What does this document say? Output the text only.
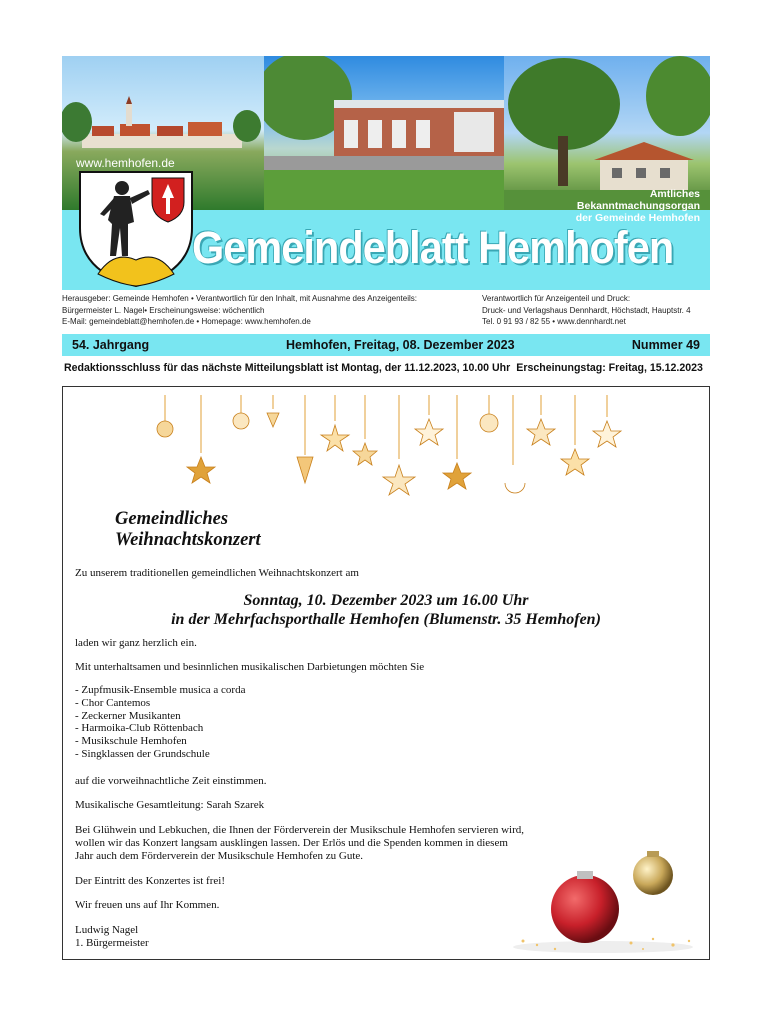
www.hemhofen.de
Amtliches
Bekanntmachungsorgan
der Gemeinde Hemhofen
Gemeindeblatt Hemhofen
Herausgeber: Gemeinde Hemhofen • Verantwortlich für den Inhalt, mit Ausnahme des Anzeigenteils:
Bürgermeister L. Nagel• Erscheinungsweise: wöchentlich
E-Mail: gemeindeblatt@hemhofen.de • Homepage: www.hemhofen.de
Verantwortlich für Anzeigenteil und Druck:
Druck- und Verlagshaus Dennhardt, Höchstadt, Hauptstr. 4
Tel. 0 91 93 / 82 55 • www.dennhardt.net
54. Jahrgang	Hemhofen, Freitag, 08. Dezember 2023	Nummer 49
Redaktionsschluss für das nächste Mitteilungsblatt ist Montag, der 11.12.2023, 10.00 Uhr Erscheinungstag: Freitag, 15.12.2023
Gemeindliches
Weihnachtskonzert
Zu unserem traditionellen gemeindlichen Weihnachtskonzert am
Sonntag, 10. Dezember 2023 um 16.00 Uhr
in der Mehrfachsporthalle Hemhofen (Blumenstr. 35 Hemhofen)
laden wir ganz herzlich ein.
Mit unterhaltsamen und besinnlichen musikalischen Darbietungen möchten Sie
- Zupfmusik-Ensemble musica a corda
- Chor Cantemos
- Zeckerner Musikanten
- Harmoika-Club Röttenbach
- Musikschule Hemhofen
- Singklassen der Grundschule
auf die vorweihnachtliche Zeit einstimmen.
Musikalische Gesamtleitung: Sarah Szarek
Bei Glühwein und Lebkuchen, die Ihnen der Förderverein der Musikschule Hemhofen servieren wird,
wollen wir das Konzert langsam ausklingen lassen. Der Erlös und die Spenden kommen in diesem
Jahr auch dem Förderverein der Musikschule Hemhofen zu Gute.
Der Eintritt des Konzertes ist frei!
Wir freuen uns auf Ihr Kommen.
Ludwig Nagel
1. Bürgermeister
